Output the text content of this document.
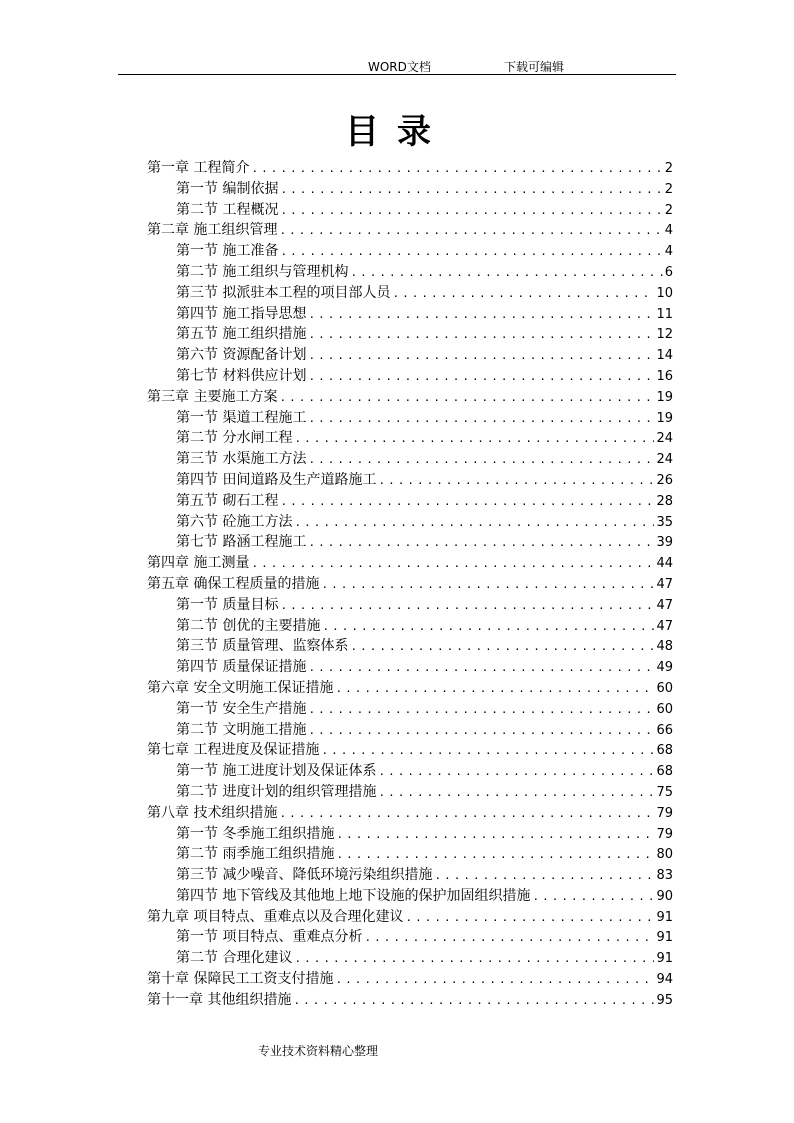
WORD文档	下载可编辑
目录
第一章 工程简介 .....	2
第一节 编制依据 .....	2
第二节 工程概况 .....	2
第二章 施工组织管理 .....	4
第一节 施工准备 .....	4
第二节 施工组织与管理机构 .....	6
第三节 拟派驻本工程的项目部人员 .....	10
第四节 施工指导思想 .....	11
第五节 施工组织措施 .....	12
第六节 资源配备计划 .....	14
第七节 材料供应计划 .....	16
第三章 主要施工方案 .....	19
第一节 渠道工程施工 .....	19
第二节 分水闸工程 .....	24
第三节 水渠施工方法 .....	24
第四节 田间道路及生产道路施工 .....	26
第五节 砌石工程 .....	28
第六节 砼施工方法 .....	35
第七节 路涵工程施工 .....	39
第四章 施工测量 .....	44
第五章 确保工程质量的措施 .....	47
第一节 质量目标 .....	47
第二节 创优的主要措施 .....	47
第三节 质量管理、监察体系 .....	48
第四节 质量保证措施 .....	49
第六章 安全文明施工保证措施 .....	60
第一节 安全生产措施 .....	60
第二节 文明施工措施 .....	66
第七章 工程进度及保证措施 .....	68
第一节 施工进度计划及保证体系 .....	68
第二节 进度计划的组织管理措施 .....	75
第八章 技术组织措施 .....	79
第一节 冬季施工组织措施 .....	79
第二节 雨季施工组织措施 .....	80
第三节 减少噪音、降低环境污染组织措施 .....	83
第四节 地下管线及其他地上地下设施的保护加固组织措施 .....	90
第九章 项目特点、重难点以及合理化建议 .....	91
第一节 项目特点、重难点分析 .....	91
第二节 合理化建议 .....	91
第十章 保障民工工资支付措施 .....	94
第十一章 其他组织措施 .....	95
专业技术资料精心整理
